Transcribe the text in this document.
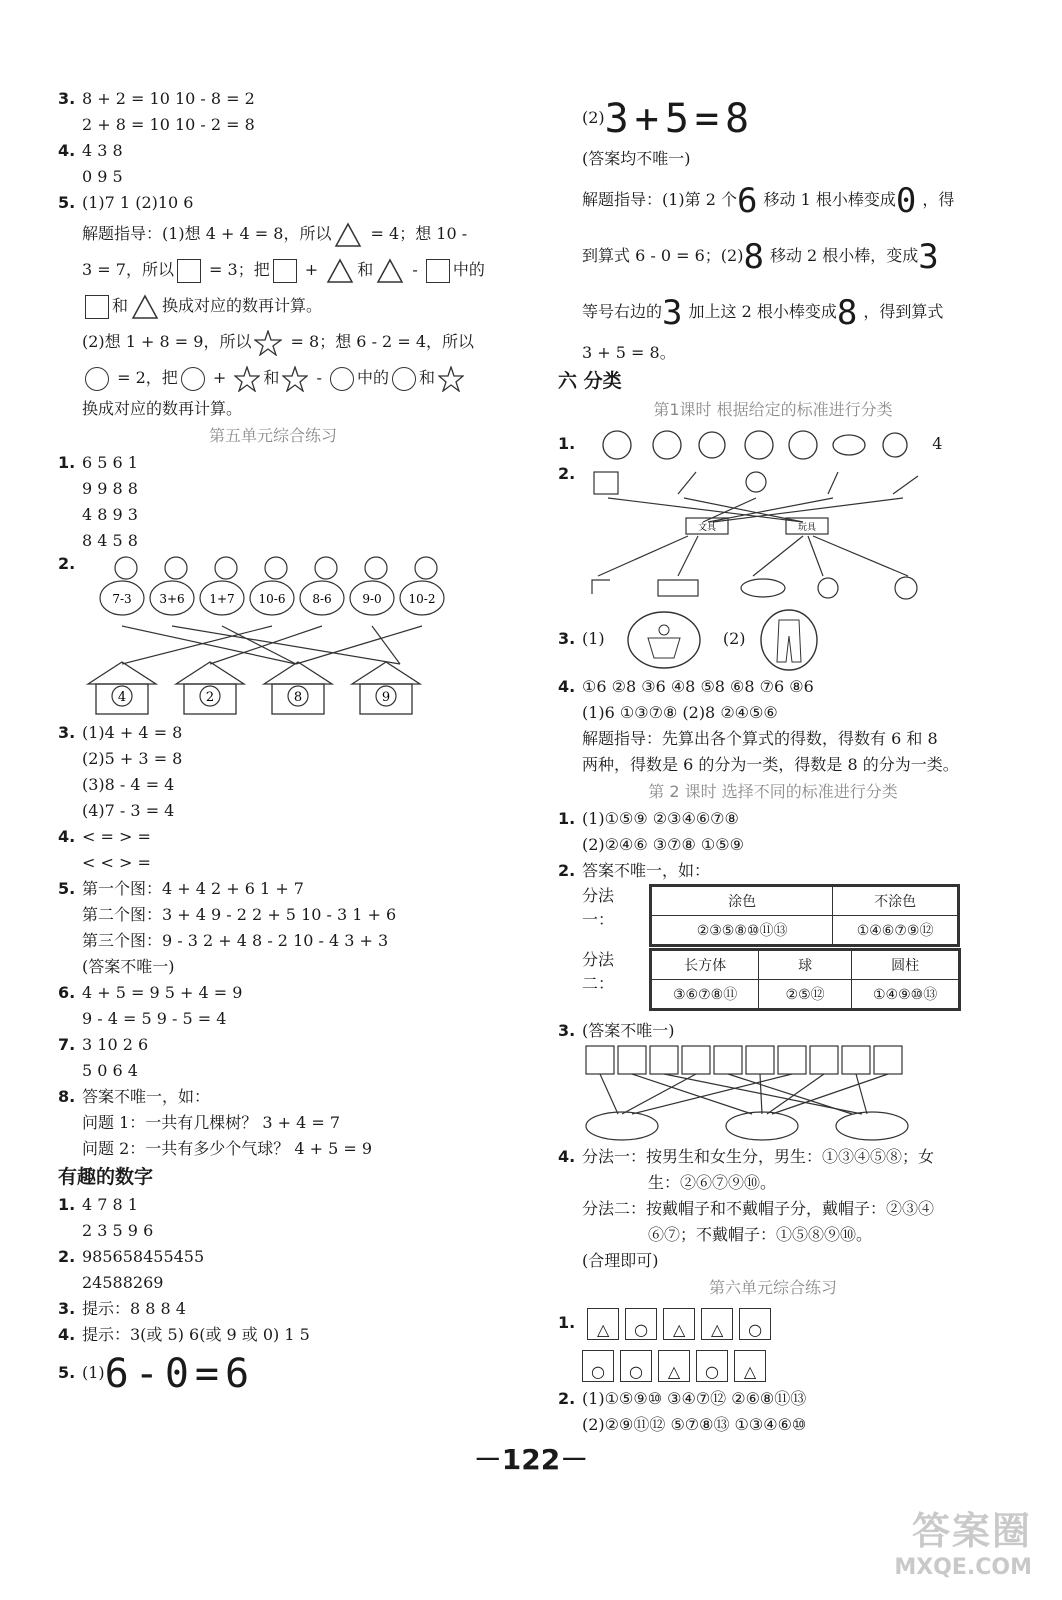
3. 8 + 2 = 10 10 - 8 = 2
2 + 8 = 10 10 - 2 = 8
4. 4 3 8
0 9 5
5. (1)7 1 (2)10 6
解题指导：(1)想 4 + 4 = 8，所以 = 4；想 10 -
3 = 7，所以 = 3；把 + 和 - 中的
和 换成对应的数再计算。
(2)想 1 + 8 = 9，所以 = 8；想 6 - 2 = 4，所以
= 2，把 + 和 - 中的 和
换成对应的数再计算。
第五单元综合练习
1. 6 5 6 1
9 9 8 8
4 8 9 3
8 4 5 8
2.
7-3 3+6 1+7 10-6 8-6	9-0 10-2
4	2	8	9
3. (1)4 + 4 = 8
(2)5 + 3 = 8
(3)8 - 4 = 4
(4)7 - 3 = 4
4. < = > =
< < > =
5. 第一个图：4 + 4 2 + 6 1 + 7
第二个图：3 + 4 9 - 2 2 + 5 10 - 3 1 + 6
第三个图：9 - 3 2 + 4 8 - 2 10 - 4 3 + 3
(答案不唯一)
6. 4 + 5 = 9 5 + 4 = 9
9 - 4 = 5 9 - 5 = 4
7. 3 10 2 6
5 0 6 4
8. 答案不唯一，如：
问题 1：一共有几棵树？ 3 + 4 = 7
问题 2：一共有多少个气球？ 4 + 5 = 9
有趣的数字
1. 4 7 8 1
2 3 5 9 6
2. 985658455455
24588269
3. 提示：8 8 8 4
4. 提示：3(或 5) 6(或 9 或 0) 1 5
5. (1)6-0=6
(2)3+5=8
(答案均不唯一)
解题指导：(1)第 2 个6移动 1 根小棒变成0，得
到算式 6 - 0 = 6；(2)8移动 2 根小棒，变成3
等号右边的3加上这 2 根小棒变成8，得到算式
3 + 5 = 8。
六 分类
第1课时 根据给定的标准进行分类
1.	4
2.
文具	玩具
3. (1)	(2)
4. ①6 ②8 ③6 ④8 ⑤8 ⑥8 ⑦6 ⑧6
(1)6 ①③⑦⑧ (2)8 ②④⑤⑥
解题指导：先算出各个算式的得数，得数有 6 和 8
两种，得数是 6 的分为一类，得数是 8 的分为一类。
第 2 课时 选择不同的标准进行分类
1. (1)①⑤⑨ ②③④⑥⑦⑧
(2)②④⑥ ③⑦⑧ ①⑤⑨
2. 答案不唯一，如：
分法一：
涂色	不涂色
②③⑤⑧⑩⑪⑬	①④⑥⑦⑨⑫
分法二：
长方体	球	圆柱
③⑥⑦⑧⑪	②⑤⑫	①④⑨⑩⑬
3. (答案不唯一)
4. 分法一：按男生和女生分，男生：①③④⑤⑧；女
生：②⑥⑦⑨⑩。
分法二：按戴帽子和不戴帽子分，戴帽子：②③④
⑥⑦；不戴帽子：①⑤⑧⑨⑩。
(合理即可)
第六单元综合练习
1. △ ○ △ △ ○
○ ○ △ ○ △
2. (1)①⑤⑨⑩ ③④⑦⑫ ②⑥⑧⑪⑬
(2)②⑨⑪⑫ ⑤⑦⑧⑬ ①③④⑥⑩
－122－
答案圈
MXQE.COM
